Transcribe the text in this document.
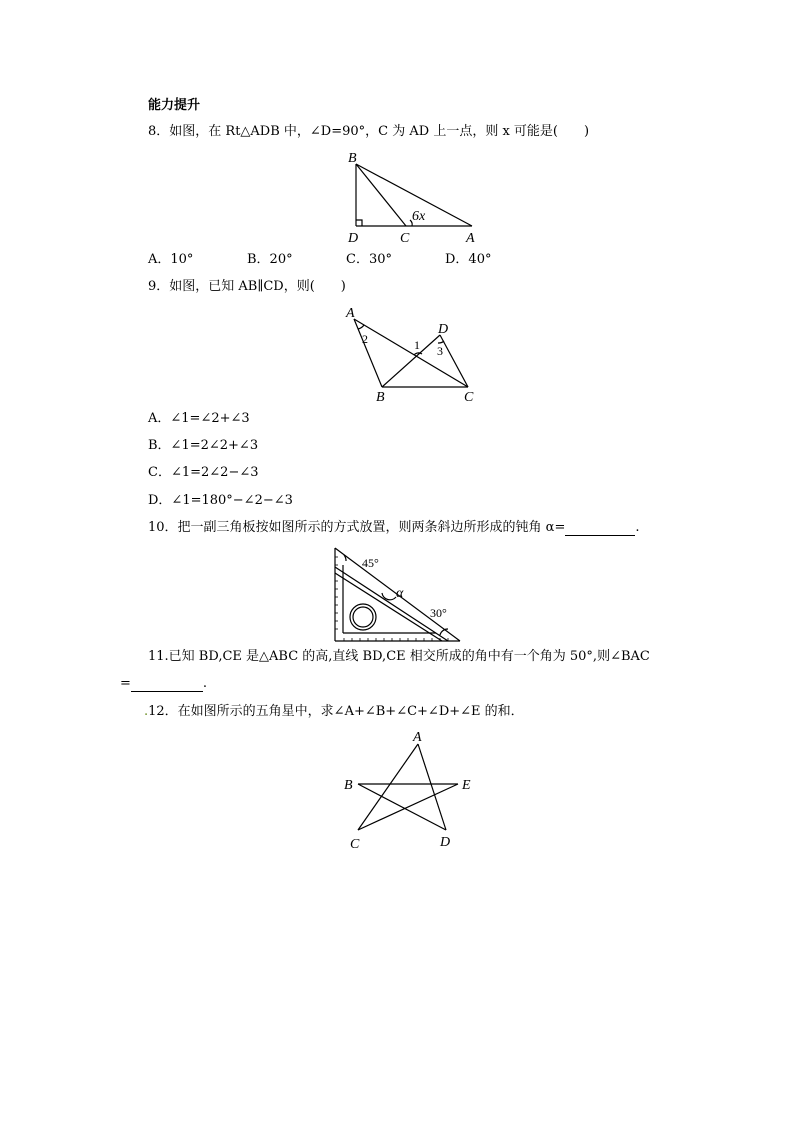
能力提升
8．如图，在 Rt△ADB 中，∠D=90°，C 为 AD 上一点，则 x 可能是(　　)
B
D	C	A
6x
A．10°	B．20°	C．30°	D．40°
9．如图，已知 AB∥CD，则(　　)
A
D
B	C
1
2
3
A．∠1=∠2+∠3
B．∠1=2∠2+∠3
C．∠1=2∠2−∠3
D．∠1=180°−∠2−∠3
10．把一副三角板按如图所示的方式放置，则两条斜边所形成的钝角 α=	.
45°
α
30°
11.已知 BD,CE 是△ABC 的高,直线 BD,CE 相交所成的角中有一个角为 50°,则∠BAC
=	.
.12．在如图所示的五角星中，求∠A+∠B+∠C+∠D+∠E 的和．
A
B	E
C	D
